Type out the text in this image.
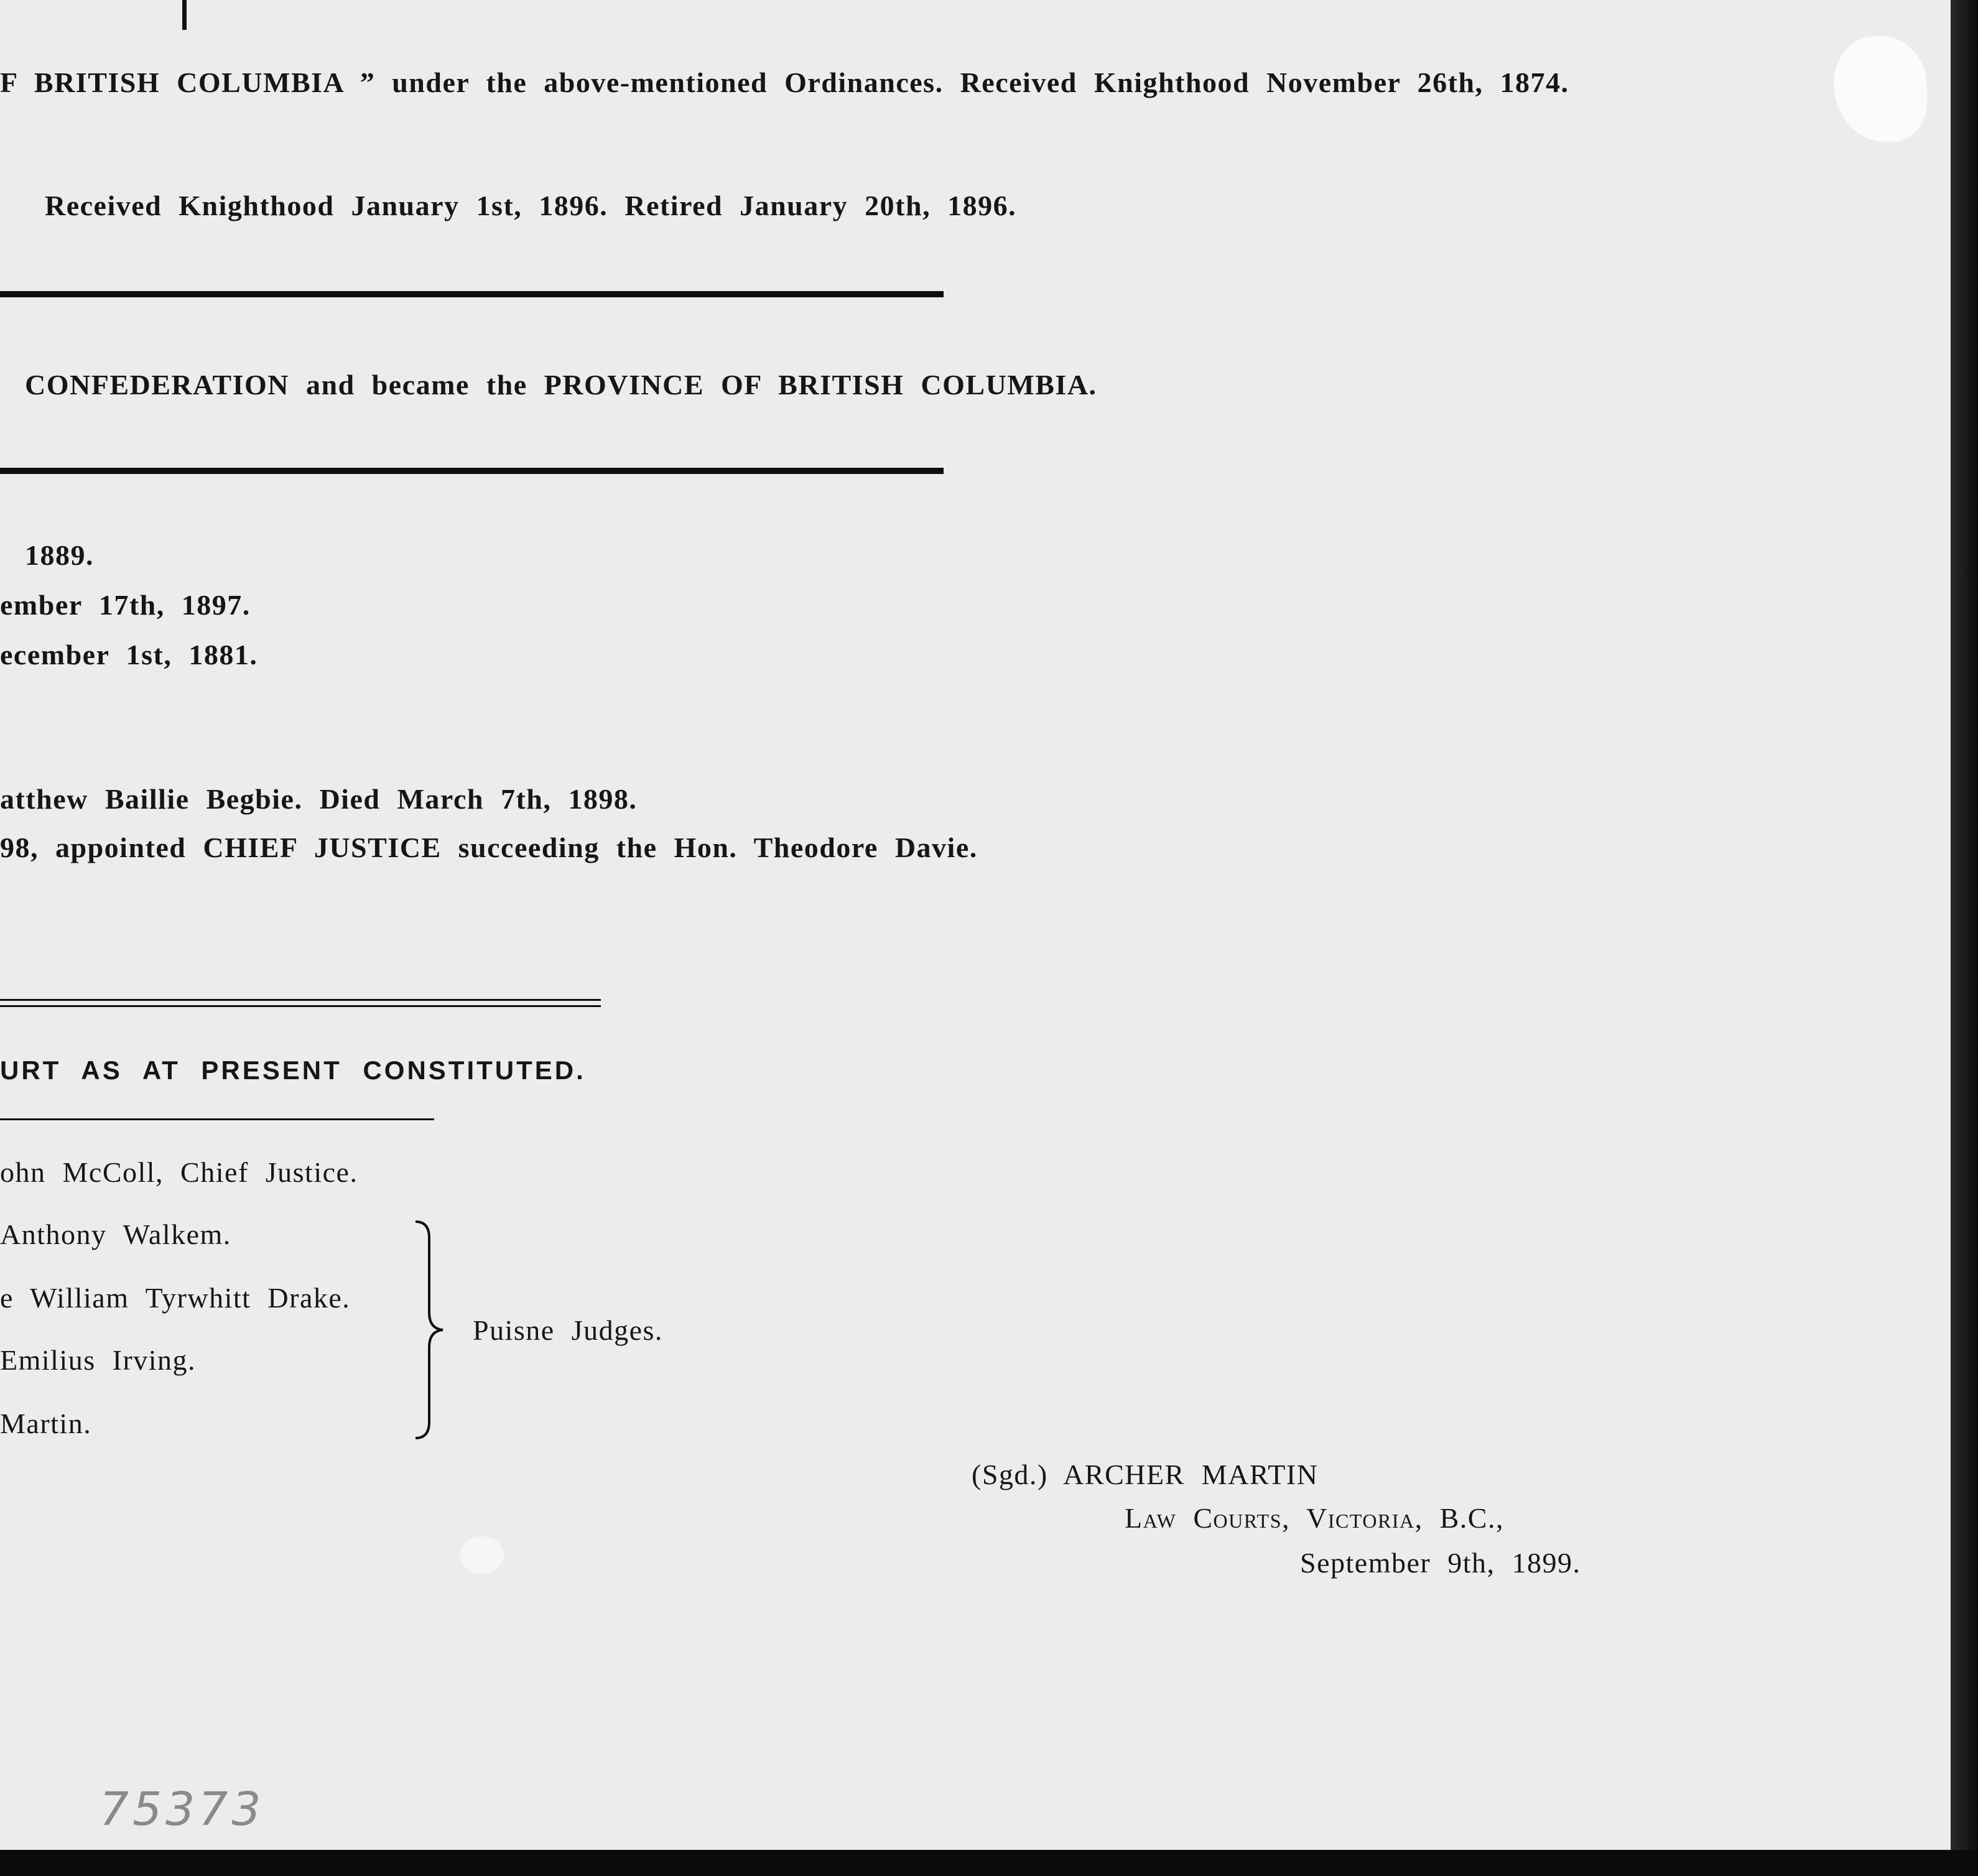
F BRITISH COLUMBIA ” under the above-mentioned Ordinances. Received Knighthood November 26th, 1874.
Received Knighthood January 1st, 1896. Retired January 20th, 1896.
CONFEDERATION and became the PROVINCE OF BRITISH COLUMBIA.
1889.
ember 17th, 1897.
ecember 1st, 1881.
atthew Baillie Begbie. Died March 7th, 1898.
98, appointed CHIEF JUSTICE succeeding the Hon. Theodore Davie.
URT AS AT PRESENT CONSTITUTED.
ohn McColl, Chief Justice.
Anthony Walkem.
e William Tyrwhitt Drake.
Emilius Irving.
Martin.
Puisne Judges.
(Sgd.) ARCHER MARTIN
Law Courts, Victoria, B.C.,
September 9th, 1899.
75373
